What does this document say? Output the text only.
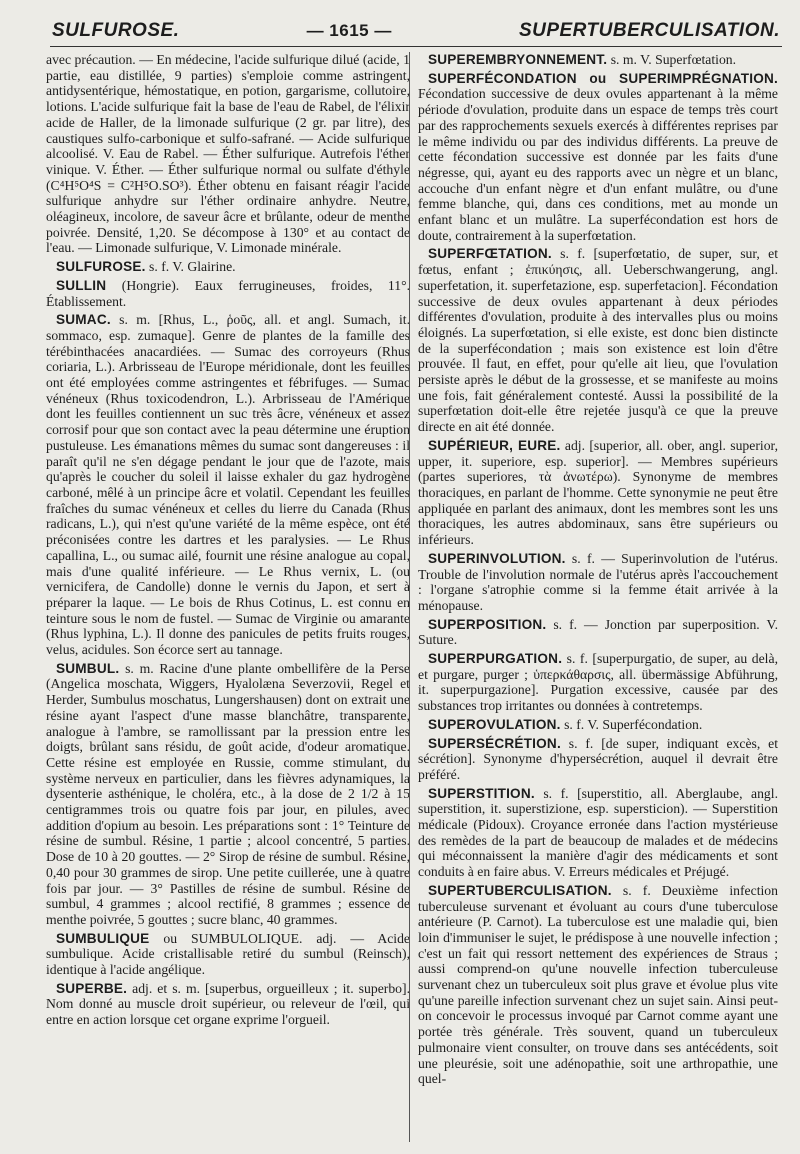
SULFUROSE.	— 1615 —	SUPERTUBERCULISATION.

avec précaution. — En médecine, l'acide sulfurique dilué (acide, 1 partie, eau distillée, 9 parties) s'emploie comme astringent, antidysentérique, hémostatique, en potion, gargarisme, collutoire, lotions. L'acide sulfurique fait la base de l'eau de Rabel, de l'élixir acide de Haller, de la limonade sulfurique (2 gr. par litre), des caustiques sulfo-carbonique et sulfo-safrané. — Acide sulfurique alcoolisé. V. Eau de Rabel. — Éther sulfurique. Autrefois l'éther vinique. V. Éther. — Éther sulfurique normal ou sulfate d'éthyle (C⁴H⁵O⁴S = C²H⁵O.SO³). Éther obtenu en faisant réagir l'acide sulfurique anhydre sur l'éther ordinaire anhydre. Neutre, oléagineux, incolore, de saveur âcre et brûlante, odeur de menthe poivrée. Densité, 1,20. Se décompose à 130° et au contact de l'eau. — Limonade sulfurique, V. Limonade minérale.

SULFUROSE. s. f. V. Glairine.

SULLIN (Hongrie). Eaux ferrugineuses, froides, 11°. Établissement.

SUMAC. s. m. [Rhus, L., ῥοῦς, all. et angl. Sumach, it. sommaco, esp. zumaque]. Genre de plantes de la famille des térébinthacées anacardiées. — Sumac des corroyeurs (Rhus coriaria, L.). Arbrisseau de l'Europe méridionale, dont les feuilles ont été employées comme astringentes et fébrifuges. — Sumac vénéneux (Rhus toxicodendron, L.). Arbrisseau de l'Amérique dont les feuilles contiennent un suc très âcre, vénéneux et assez corrosif pour que son contact avec la peau détermine une éruption pustuleuse. Les émanations mêmes du sumac sont dangereuses : il paraît qu'il ne s'en dégage pendant le jour que de l'azote, mais qu'après le coucher du soleil il laisse exhaler du gaz hydrogène carboné, mêlé à un principe âcre et volatil. Cependant les feuilles fraîches du sumac vénéneux et celles du lierre du Canada (Rhus radicans, L.), qui n'est qu'une variété de la même espèce, ont été préconisées contre les dartres et les paralysies. — Le Rhus capallina, L., ou sumac ailé, fournit une résine analogue au copal, mais d'une qualité inférieure. — Le Rhus vernix, L. (ou vernicifera, de Candolle) donne le vernis du Japon, et sert à préparer la laque. — Le bois de Rhus Cotinus, L. est connu en teinture sous le nom de fustel. — Sumac de Virginie ou amarante (Rhus lyphina, L.). Il donne des panicules de petits fruits rouges, velus, acidules. Son écorce sert au tannage.

SUMBUL. s. m. Racine d'une plante ombellifère de la Perse (Angelica moschata, Wiggers, Hyalolæna Severzovii, Regel et Herder, Sumbulus moschatus, Lungershausen) dont on extrait une résine ayant l'aspect d'une masse blanchâtre, transparente, analogue à l'ambre, se ramollissant par la pression entre les doigts, brûlant sans résidu, de goût acide, d'odeur aromatique. Cette résine est employée en Russie, comme stimulant, du système nerveux en particulier, dans les fièvres adynamiques, la dysenterie asthénique, le choléra, etc., à la dose de 2 1/2 à 15 centigrammes trois ou quatre fois par jour, en pilules, avec addition d'opium au besoin. Les préparations sont : 1° Teinture de résine de sumbul. Résine, 1 partie ; alcool concentré, 5 parties. Dose de 10 à 20 gouttes. — 2° Sirop de résine de sumbul. Résine, 0,40 pour 30 grammes de sirop. Une petite cuillerée, une à quatre fois par jour. — 3° Pastilles de résine de sumbul. Résine de sumbul, 4 grammes ; alcool rectifié, 8 grammes ; essence de menthe poivrée, 5 gouttes ; sucre blanc, 40 grammes.

SUMBULIQUE ou SUMBULOLIQUE. adj. — Acide sumbulique. Acide cristallisable retiré du sumbul (Reinsch), identique à l'acide angélique.

SUPERBE. adj. et s. m. [superbus, orgueilleux ; it. superbo]. Nom donné au muscle droit supérieur, ou releveur de l'œil, qui entre en action lorsque cet organe exprime l'orgueil.

SUPEREMBRYONNEMENT. s. m. V. Superfœtation.

SUPERFÉCONDATION ou SUPERIMPRÉGNATION. Fécondation successive de deux ovules appartenant à la même période d'ovulation, produite dans un espace de temps très court par des rapprochements sexuels exercés à différentes reprises par le même individu ou par des individus différents. La preuve de cette fécondation successive est donnée par les faits d'une négresse, qui, ayant eu des rapports avec un nègre et un blanc, accouche d'un enfant nègre et d'un enfant mulâtre, ou d'une femme blanche, qui, dans ces conditions, met au monde un enfant blanc et un mulâtre. La superfécondation est hors de doute, contrairement à la superfœtation.

SUPERFŒTATION. s. f. [superfœtatio, de super, sur, et fœtus, enfant ; ἐπικύησις, all. Ueberschwangerung, angl. superfetation, it. superfetazione, esp. superfetacion]. Fécondation successive de deux ovules appartenant à deux périodes différentes d'ovulation, produite à des intervalles plus ou moins éloignés. La superfœtation, si elle existe, est donc bien distincte de la superfécondation ; mais son existence est loin d'être prouvée. Il faut, en effet, pour qu'elle ait lieu, que l'ovulation persiste après le début de la grossesse, et se manifeste au moins une fois, fait généralement contesté. Aussi la possibilité de la superfœtation doit-elle être rejetée jusqu'à ce que la preuve directe en ait été donnée.

SUPÉRIEUR, EURE. adj. [superior, all. ober, angl. superior, upper, it. superiore, esp. superior]. — Membres supérieurs (partes superiores, τὰ ἀνωτέρω). Synonyme de membres thoraciques, en parlant de l'homme. Cette synonymie ne peut être appliquée en parlant des animaux, dont les membres sont les uns thoraciques, les autres abdominaux, sans être supérieurs ou inférieurs.

SUPERINVOLUTION. s. f. — Superinvolution de l'utérus. Trouble de l'involution normale de l'utérus après l'accouchement : l'organe s'atrophie comme si la femme était arrivée à la ménopause.

SUPERPOSITION. s. f. — Jonction par superposition. V. Suture.

SUPERPURGATION. s. f. [superpurgatio, de super, au delà, et purgare, purger ; ὑπερκάθαρσις, all. übermässige Abführung, it. superpurgazione]. Purgation excessive, causée par des substances trop irritantes ou données à contretemps.

SUPEROVULATION. s. f. V. Superfécondation.

SUPERSÉCRÉTION. s. f. [de super, indiquant excès, et sécrétion]. Synonyme d'hypersécrétion, auquel il devrait être préféré.

SUPERSTITION. s. f. [superstitio, all. Aberglaube, angl. superstition, it. superstizione, esp. supersticion). — Superstition médicale (Pidoux). Croyance erronée dans l'action mystérieuse des remèdes de la part de beaucoup de malades et de médecins qui méconnaissent la manière d'agir des médicaments et sont conduits à en faire abus. V. Erreurs médicales et Préjugé.

SUPERTUBERCULISATION. s. f. Deuxième infection tuberculeuse survenant et évoluant au cours d'une tuberculose antérieure (P. Carnot). La tuberculose est une maladie qui, bien loin d'immuniser le sujet, le prédispose à une nouvelle infection ; c'est un fait qui ressort nettement des expériences de Straus ; aussi comprend-on qu'une nouvelle infection tuberculeuse survenant chez un tuberculeux soit plus grave et évolue plus vite qu'une pareille infection survenant chez un sujet sain. Ainsi peut-on concevoir le processus invoqué par Carnot comme ayant une portée très générale. Très souvent, quand un tuberculeux pulmonaire vient consulter, on trouve dans ses antécédents, soit une pleurésie, soit une adénopathie, soit une arthropathie, une quel-
